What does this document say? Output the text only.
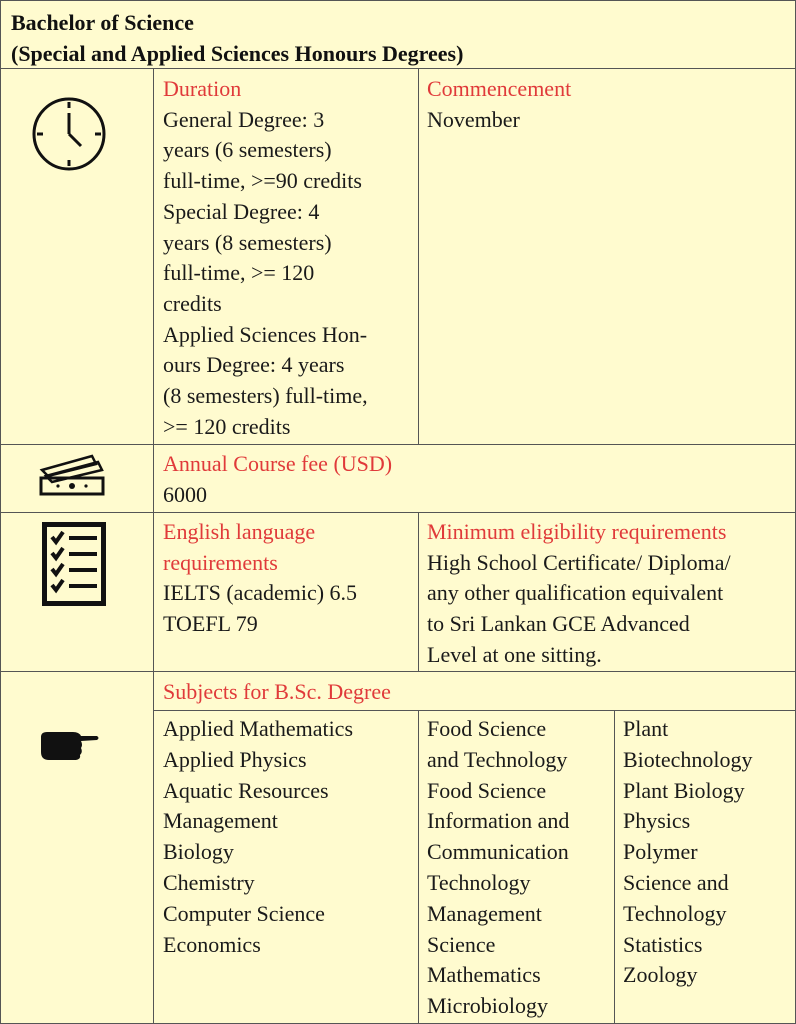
Bachelor of Science
(Special and Applied Sciences Honours Degrees)
Duration
General Degree: 3
years (6 semesters)
full-time, >=90 credits
Special Degree: 4
years (8 semesters)
full-time, >= 120
credits
Applied Sciences Hon-
ours Degree: 4 years
(8 semesters) full-time,
>= 120 credits
Commencement
November
Annual Course fee (USD)
6000
English language
requirements
IELTS (academic) 6.5
TOEFL 79
Minimum eligibility requirements
High School Certificate/ Diploma/
any other qualification equivalent
to Sri Lankan GCE Advanced
Level at one sitting.
Subjects for B.Sc. Degree
Applied Mathematics
Applied Physics
Aquatic Resources
Management
Biology
Chemistry
Computer Science
Economics
Food Science
and Technology
Food Science
Information and
Communication
Technology
Management
Science
Mathematics
Microbiology
Plant
Biotechnology
Plant Biology
Physics
Polymer
Science and
Technology
Statistics
Zoology
